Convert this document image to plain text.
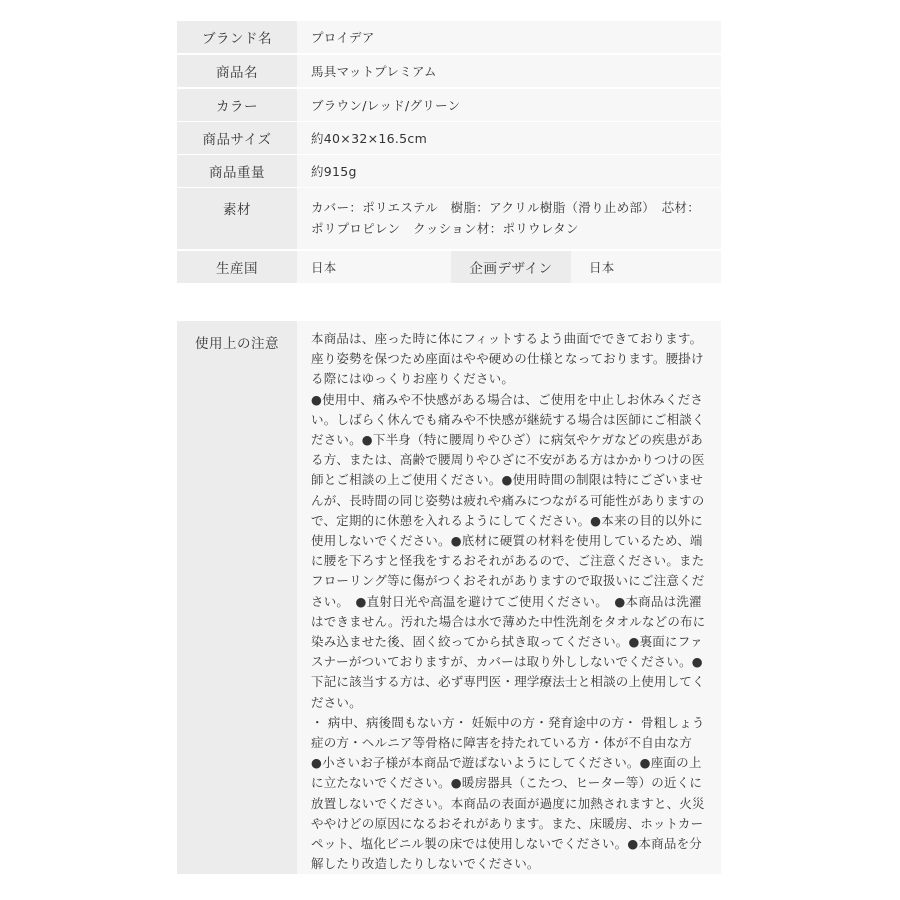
ブランド名	プロイデア
商品名	馬具マットプレミアム
カラー	ブラウン/レッド/グリーン
商品サイズ	約40×32×16.5cm
商品重量	約915g
素材	カバー：ポリエステル　樹脂：アクリル樹脂（滑り止め部）　芯材：ポリプロピレン　クッション材：ポリウレタン
生産国	日本	企画デザイン	日本
使用上の注意	本商品は、座った時に体にフィットするよう曲面でできております。座り姿勢を保つため座面はやや硬めの仕様となっております。腰掛ける際にはゆっくりお座りください。

●使用中、痛みや不快感がある場合は、ご使用を中止しお休みください。しばらく休んでも痛みや不快感が継続する場合は医師にご相談ください。●下半身（特に腰周りやひざ）に病気やケガなどの疾患がある方、または、高齢で腰周りやひざに不安がある方はかかりつけの医師とご相談の上ご使用ください。●使用時間の制限は特にございませんが、長時間の同じ姿勢は疲れや痛みにつながる可能性がありますので、定期的に休憩を入れるようにしてください。●本来の目的以外に使用しないでください。●底材に硬質の材料を使用しているため、端に腰を下ろすと怪我をするおそれがあるので、ご注意ください。またフローリング等に傷がつくおそれがありますので取扱いにご注意ください。　●直射日光や高温を避けてご使用ください。　●本商品は洗濯はできません。汚れた場合は水で薄めた中性洗剤をタオルなどの布に染み込ませた後、固く絞ってから拭き取ってください。●裏面にファスナーがついておりますが、カバーは取り外ししないでください。●下記に該当する方は、必ず専門医・理学療法士と相談の上使用してください。

・ 病中、病後間もない方・ 妊娠中の方・発育途中の方・ 骨粗しょう症の方・ヘルニア等骨格に障害を持たれている方・体が不自由な方

●小さいお子様が本商品で遊ばないようにしてください。●座面の上に立たないでください。●暖房器具（こたつ、ヒーター等）の近くに放置しないでください。本商品の表面が過度に加熱されますと、火災ややけどの原因になるおそれがあります。また、床暖房、ホットカーペット、塩化ビニル製の床では使用しないでください。●本商品を分解したり改造したりしないでください。
